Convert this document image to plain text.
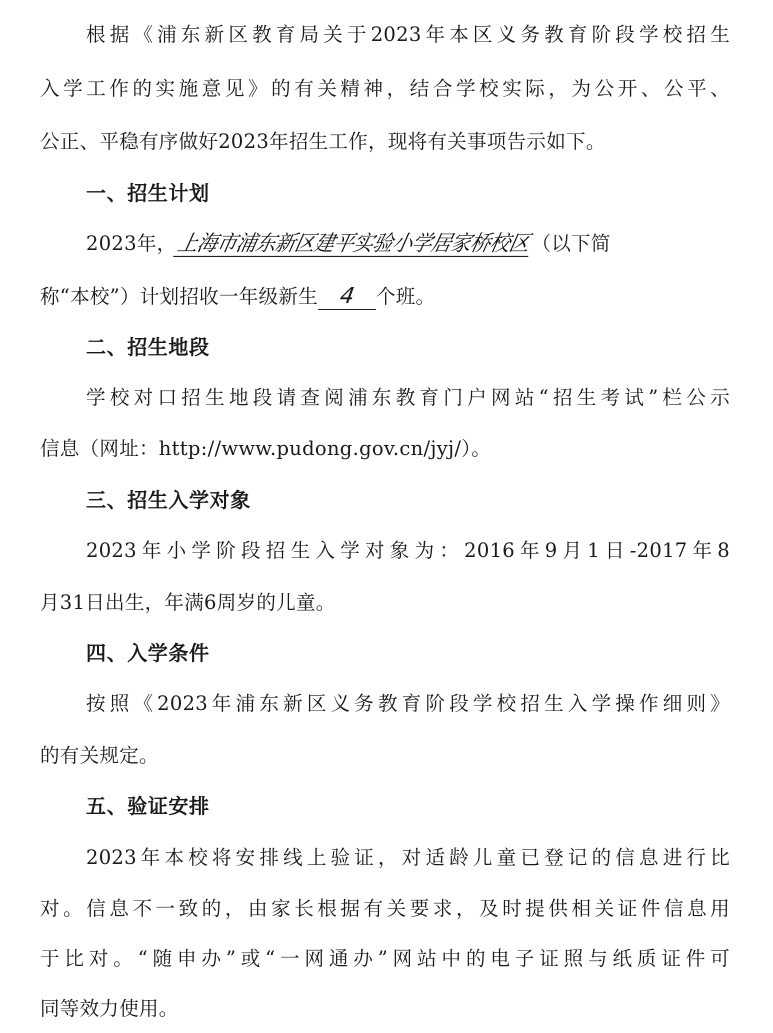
根据《浦东新区教育局关于2023年本区义务教育阶段学校招生
入学工作的实施意见》的有关精神，结合学校实际，为公开、公平、
公正、平稳有序做好2023年招生工作，现将有关事项告示如下。
一、招生计划
2023年，上海市浦东新区建平实验小学居家桥校区（以下简
称“本校”）计划招收一年级新生 4 个班。
二、招生地段
学校对口招生地段请查阅浦东教育门户网站“招生考试”栏公示
信息（网址：http://www.pudong.gov.cn/jyj/）。
三、招生入学对象
2023年小学阶段招生入学对象为：2016年9月1日-2017年8
月31日出生，年满6周岁的儿童。
四、入学条件
按照《2023年浦东新区义务教育阶段学校招生入学操作细则》
的有关规定。
五、验证安排
2023年本校将安排线上验证，对适龄儿童已登记的信息进行比
对。信息不一致的，由家长根据有关要求，及时提供相关证件信息用
于比对。“随申办”或“一网通办”网站中的电子证照与纸质证件可
同等效力使用。
